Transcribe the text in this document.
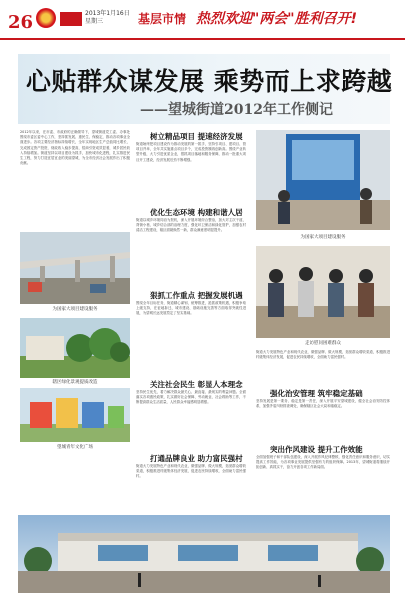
26	2013年1月16日
星期三	基层市情 热烈欢迎"两会"胜利召开!
心贴群众谋发展 乘势而上求跨越
——望城街道2012年工作侧记
2012年以来，在市委、市政府的正确领导下，望城街道党工委、办事处围绕市委区委中心工作，坚持抓发展、惠民生、保稳定，推动各项事业全面进步。各项主要经济指标持续增长，全年实现地区生产总值同比增长，完成固定资产投资，财政收入稳步提高，招商引资成效显著，城乡居民收入持续增加。街道坚持以项目建设为抓手，加快城市化进程，扎实推进民生工程，努力打造宜居宜业的美丽望城，为全市经济社会发展作出了积极贡献。
为国家大项目建设服务
辖区绿化景观提质改造
望城青年文化广场
树立精品项目 提速经济发展
街道始终把项目建设作为推动发展的第一抓手，坚持引项目、建项目、管项目并举，全年共实施重点项目多个，完成投资额再创新高。围绕产业转型升级，大力引进优质企业，狠抓项目落地和服务保障，推动一批重大项目开工建设，经济发展后劲不断增强。
优化生态环境 构建和谐人居
街道以城乡环境同治为契机，深入开展环境综合整治，加大对主次干道、背街小巷、城乡结合部的治理力度，强化环卫保洁和绿化管护，加强农村清洁工程建设，辖区面貌焕然一新，群众满意度明显提升。
狠抓工作重点 把握发展机遇
围绕全年目标任务，街道精心谋划、统筹推进，抢抓政策机遇，积极争取上级支持，在征地拆迁、城市建设、基础设施完善等方面取得突破性进展，为望城长远发展奠定了坚实基础。
关注社会民生 彰显人本理念
坚持民生优先，着力解决群众最关心、最直接、最现实的利益问题。全面落实各项惠民政策，扎实做好社会保障、劳动就业、社会救助等工作，不断提高群众生活质量，人民群众幸福感明显增强。
打通品牌良业 助力富民强村
街道大力发展特色产业和现代农业，做强品牌、做大规模，拓宽群众增收渠道，积极推进村级集体经济发展，促进农民持续增收，全面助力富民强村。
为国家大项目建设服务
走访慰问困难群众
街道大力发展特色产业和现代农业，做强品牌、做大规模，拓宽群众增收渠道，积极推进村级集体经济发展，促进农民持续增收，全面助力富民强村。
强化治安管理 筑牢稳定基础
坚持发展是第一要务、稳定是第一责任，深入开展平安望城建设，健全社会治安防控体系，加强矛盾纠纷排查调处，确保辖区社会大局和谐稳定。
突出作风建设 提升工作效能
全面加强班子和干部队伍建设，深入开展作风纪律整顿，强化责任意识和服务意识，切实提高工作效能，为各项事业发展提供坚强有力的组织保障。2013年，望城街道将继续开拓创新、真抓实干，奋力开创各项工作新局面。
